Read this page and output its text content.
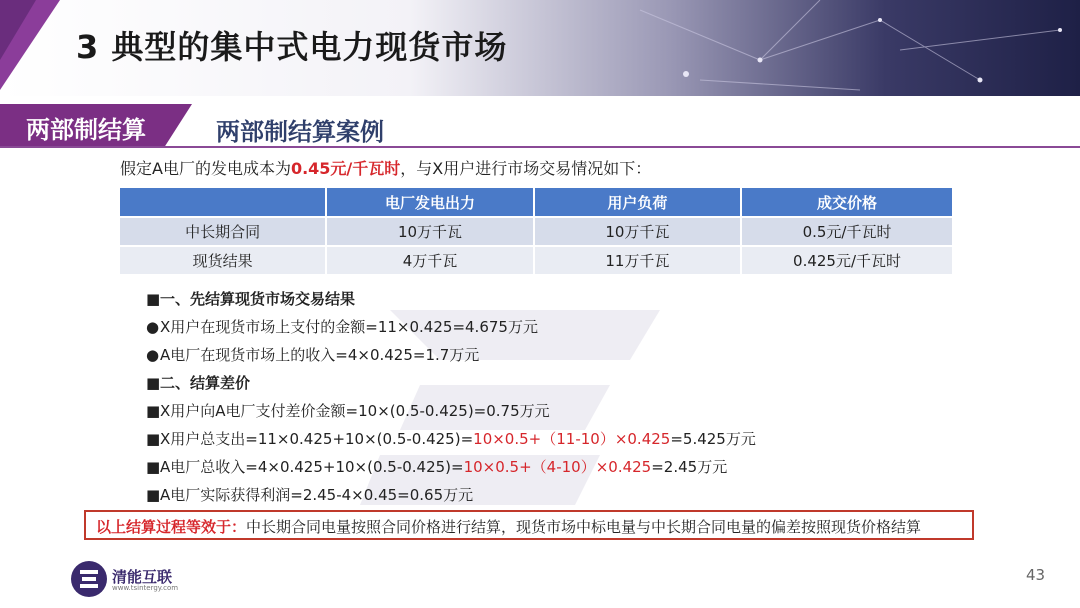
3 典型的集中式电力现货市场
两部制结算	两部制结算案例
假定A电厂的发电成本为0.45元/千瓦时，与X用户进行市场交易情况如下：
	电厂发电出力	用户负荷	成交价格
中长期合同	10万千瓦	10万千瓦	0.5元/千瓦时
现货结果	4万千瓦	11万千瓦	0.425元/千瓦时
■一、先结算现货市场交易结果
●X用户在现货市场上支付的金额=11×0.425=4.675万元
●A电厂在现货市场上的收入=4×0.425=1.7万元
■二、结算差价
■X用户向A电厂支付差价金额=10×(0.5-0.425)=0.75万元
■X用户总支出=11×0.425+10×(0.5-0.425)=10×0.5+（11-10）×0.425=5.425万元
■A电厂总收入=4×0.425+10×(0.5-0.425)=10×0.5+（4-10）×0.425=2.45万元
■A电厂实际获得利润=2.45-4×0.45=0.65万元
以上结算过程等效于：中长期合同电量按照合同价格进行结算，现货市场中标电量与中长期合同电量的偏差按照现货价格结算
清能互联
www.tsintergy.com
43
